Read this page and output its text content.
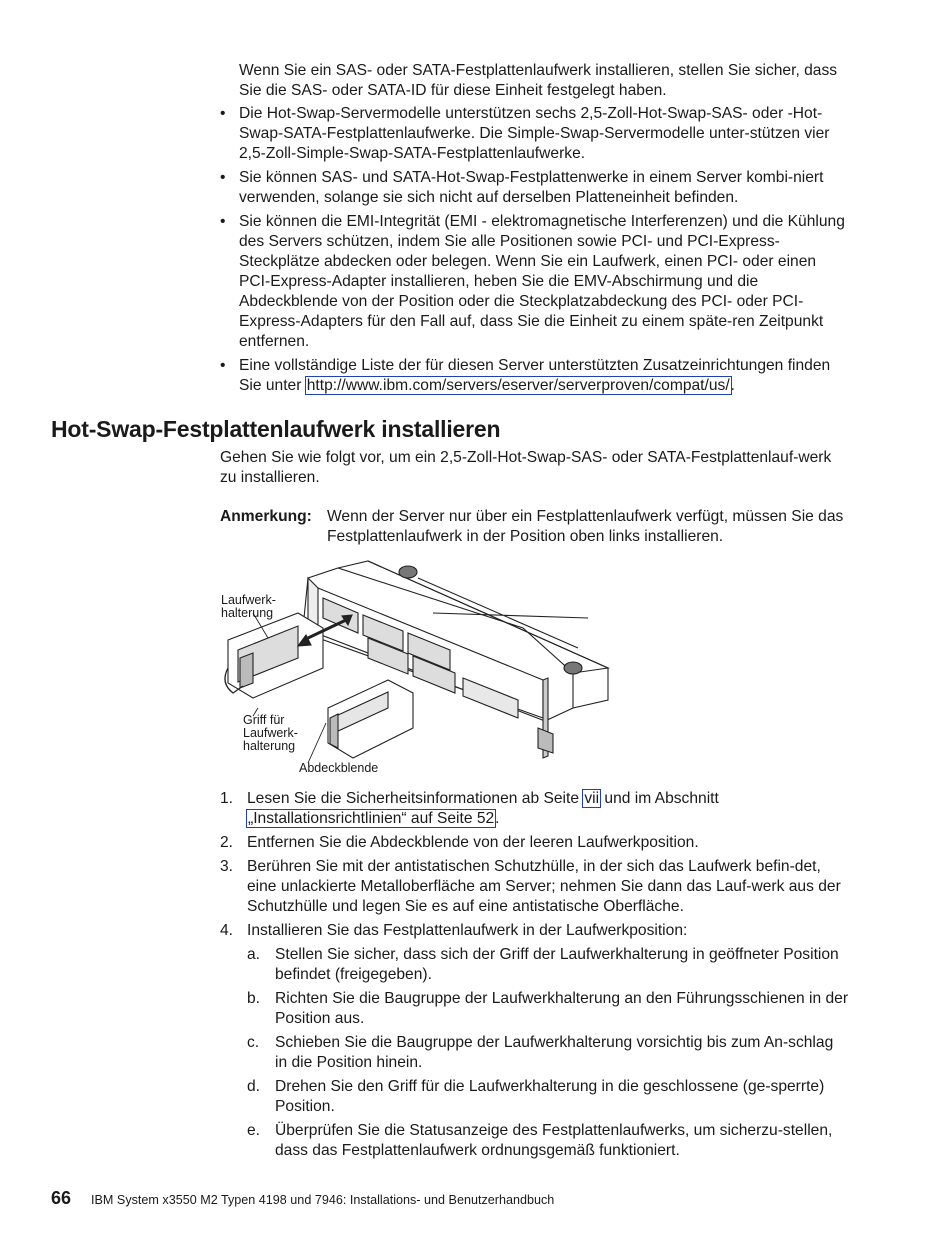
Wenn Sie ein SAS- oder SATA-Festplattenlaufwerk installieren, stellen Sie sicher, dass Sie die SAS- oder SATA-ID für diese Einheit festgelegt haben.

• Die Hot-Swap-Servermodelle unterstützen sechs 2,5-Zoll-Hot-Swap-SAS- oder -Hot-Swap-SATA-Festplattenlaufwerke. Die Simple-Swap-Servermodelle unter-stützen vier 2,5-Zoll-Simple-Swap-SATA-Festplattenlaufwerke.
• Sie können SAS- und SATA-Hot-Swap-Festplattenwerke in einem Server kombi-niert verwenden, solange sie sich nicht auf derselben Platteneinheit befinden.
• Sie können die EMI-Integrität (EMI - elektromagnetische Interferenzen) und die Kühlung des Servers schützen, indem Sie alle Positionen sowie PCI- und PCI-Express-Steckplätze abdecken oder belegen. Wenn Sie ein Laufwerk, einen PCI- oder einen PCI-Express-Adapter installieren, heben Sie die EMV-Abschirmung und die Abdeckblende von der Position oder die Steckplatzabdeckung des PCI- oder PCI-Express-Adapters für den Fall auf, dass Sie die Einheit zu einem späte-ren Zeitpunkt entfernen.
• Eine vollständige Liste der für diesen Server unterstützten Zusatzeinrichtungen finden Sie unter http://www.ibm.com/servers/eserver/serverproven/compat/us/.
Hot-Swap-Festplattenlaufwerk installieren

Gehen Sie wie folgt vor, um ein 2,5-Zoll-Hot-Swap-SAS- oder SATA-Festplattenlauf-werk zu installieren.

Anmerkung: Wenn der Server nur über ein Festplattenlaufwerk verfügt, müssen Sie das Festplattenlaufwerk in der Position oben links installieren.
Laufwerk-
halterung
Griff für
Laufwerk-
halterung
Abdeckblende
1. Lesen Sie die Sicherheitsinformationen ab Seite vii und im Abschnitt „Installationsrichtlinien“ auf Seite 52.
2. Entfernen Sie die Abdeckblende von der leeren Laufwerkposition.
3. Berühren Sie mit der antistatischen Schutzhülle, in der sich das Laufwerk befin-det, eine unlackierte Metalloberfläche am Server; nehmen Sie dann das Lauf-werk aus der Schutzhülle und legen Sie es auf eine antistatische Oberfläche.
4. Installieren Sie das Festplattenlaufwerk in der Laufwerkposition:
a. Stellen Sie sicher, dass sich der Griff der Laufwerkhalterung in geöffneter Position befindet (freigegeben).
b. Richten Sie die Baugruppe der Laufwerkhalterung an den Führungsschienen in der Position aus.
c. Schieben Sie die Baugruppe der Laufwerkhalterung vorsichtig bis zum An-schlag in die Position hinein.
d. Drehen Sie den Griff für die Laufwerkhalterung in die geschlossene (ge-sperrte) Position.
e. Überprüfen Sie die Statusanzeige des Festplattenlaufwerks, um sicherzu-stellen, dass das Festplattenlaufwerk ordnungsgemäß funktioniert.
66 IBM System x3550 M2 Typen 4198 und 7946: Installations- und Benutzerhandbuch
